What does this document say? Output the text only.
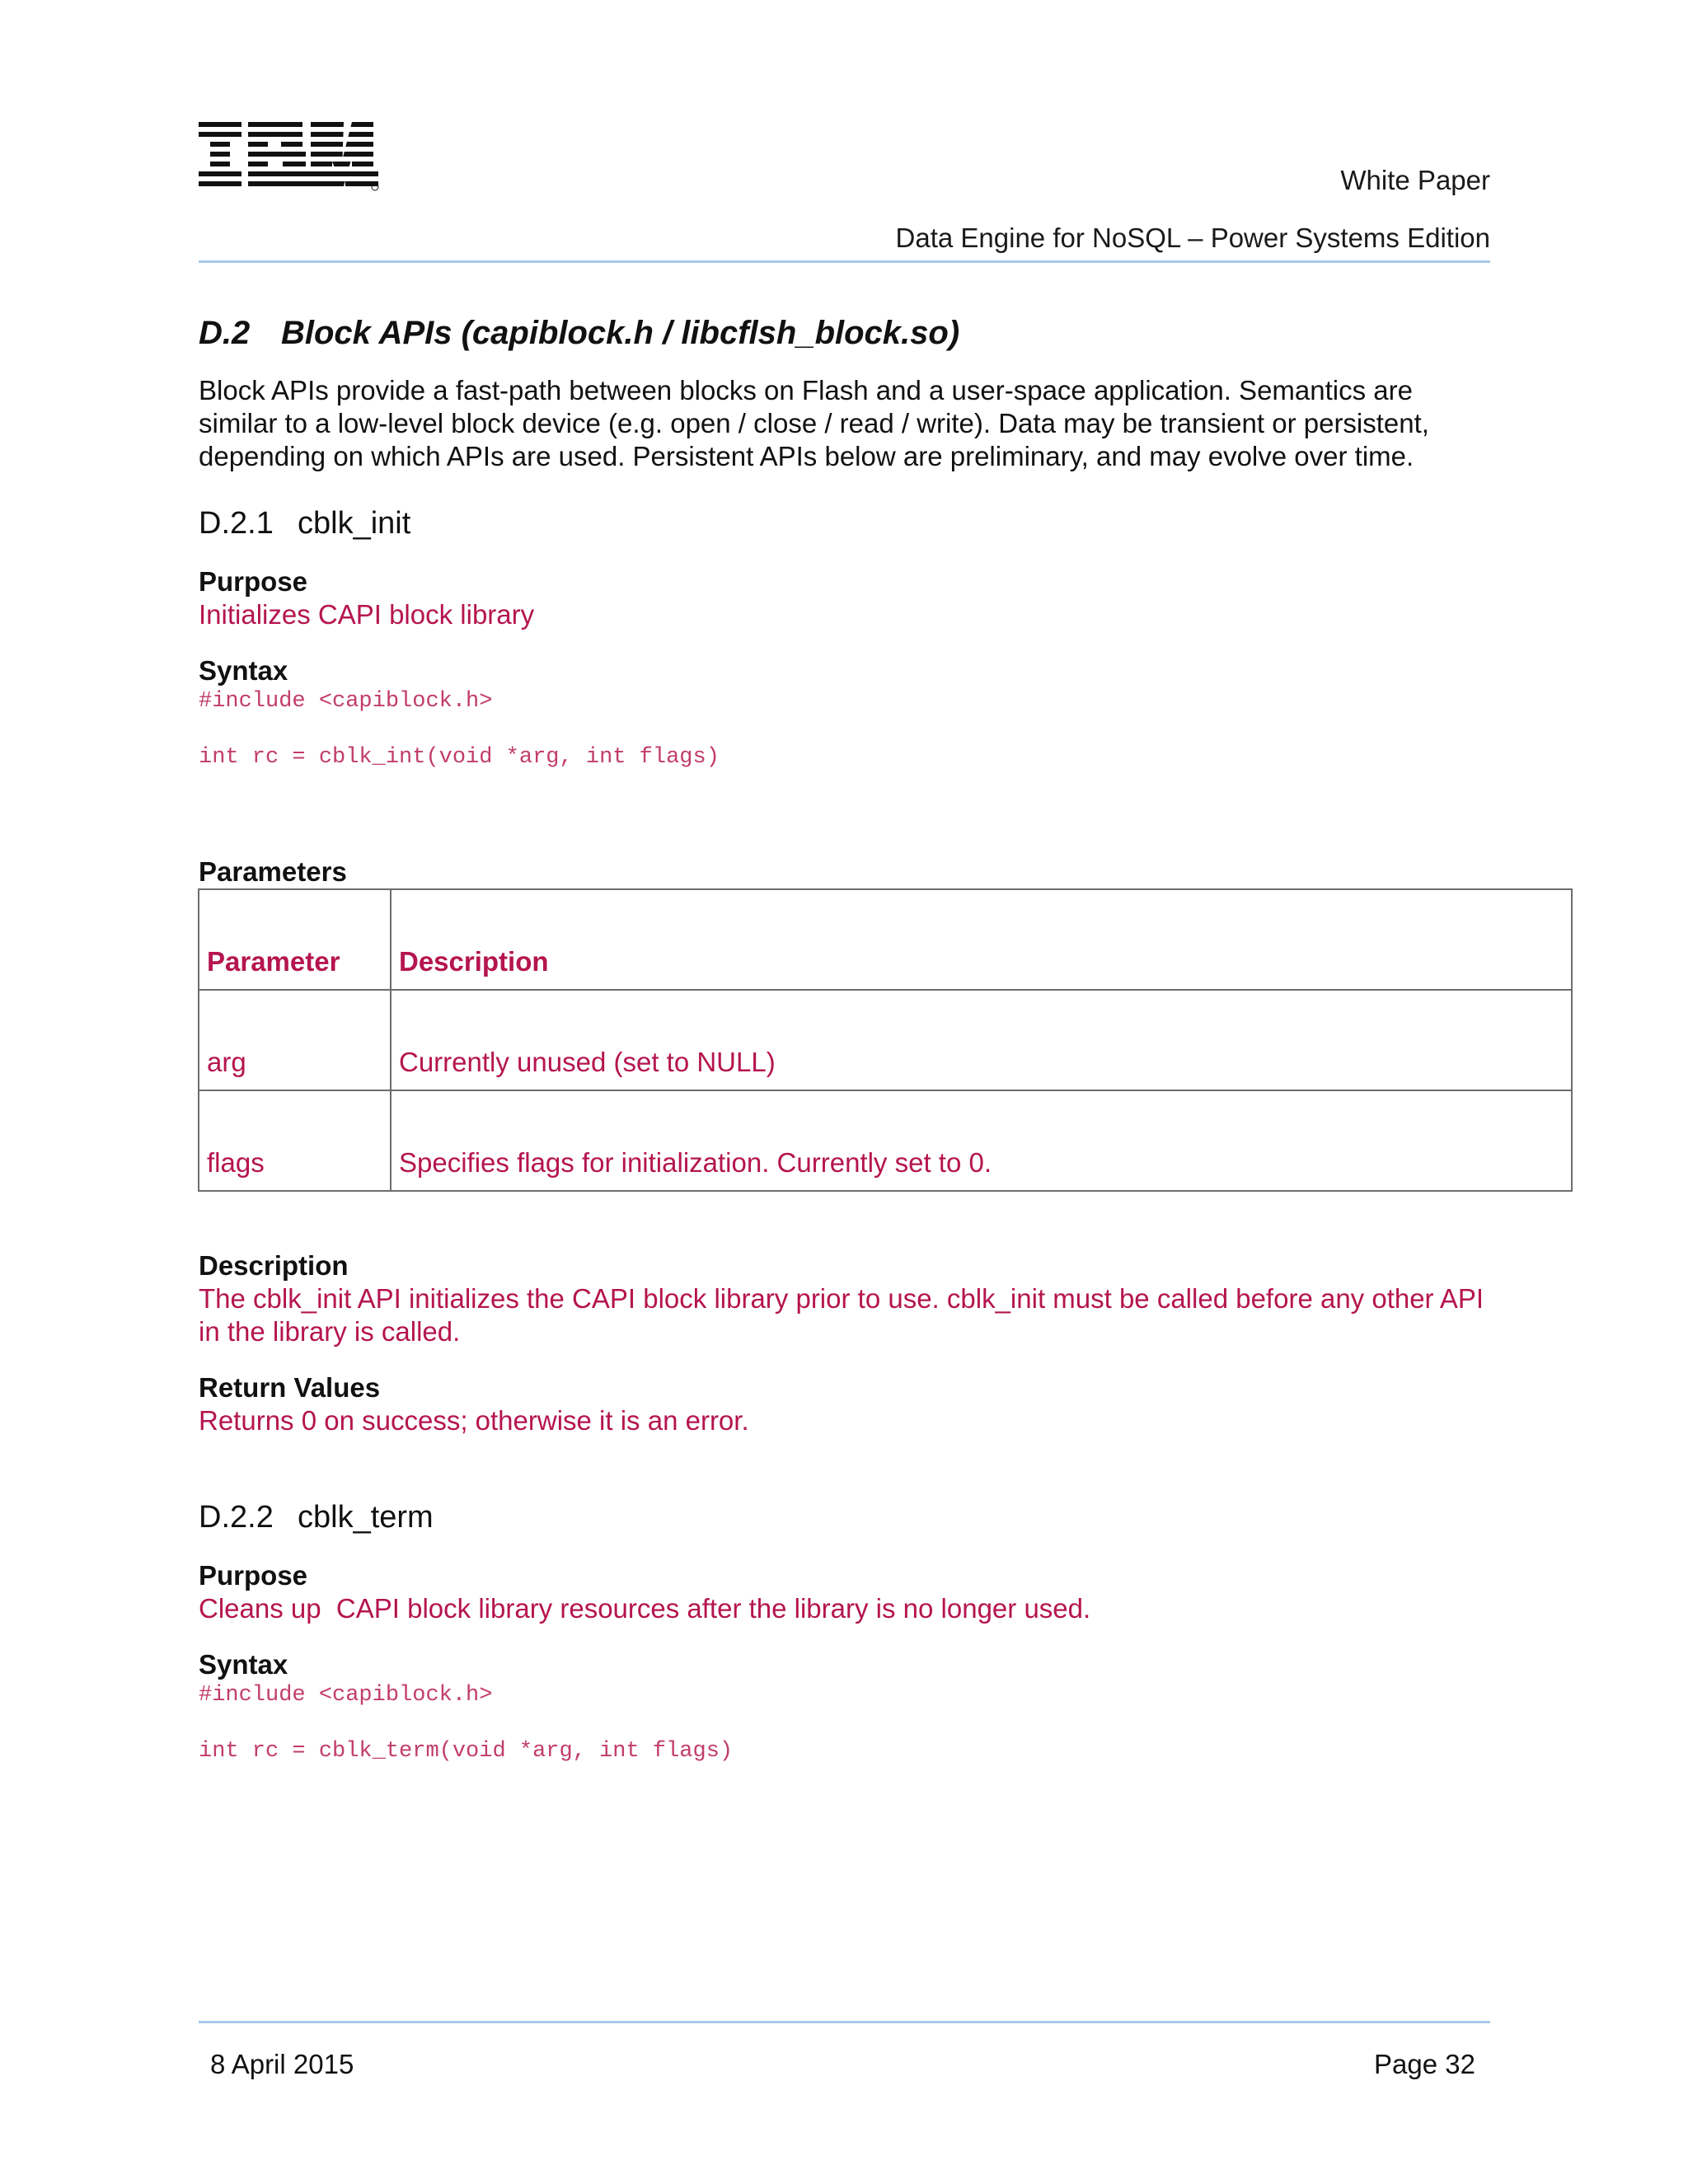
White Paper
Data Engine for NoSQL – Power Systems Edition
D.2 Block APIs (capiblock.h / libcflsh_block.so)

Block APIs provide a fast-path between blocks on Flash and a user-space application. Semantics are similar to a low-level block device (e.g. open / close / read / write). Data may be transient or persistent, depending on which APIs are used. Persistent APIs below are preliminary, and may evolve over time.

D.2.1 cblk_init

Purpose

Initializes CAPI block library

Syntax

#include <capiblock.h>

int rc = cblk_int(void *arg, int flags)

Parameters

Parameter	Description
arg	Currently unused (set to NULL)
flags	Specifies flags for initialization. Currently set to 0.

Description

The cblk_init API initializes the CAPI block library prior to use. cblk_init must be called before any other API in the library is called.

Return Values

Returns 0 on success; otherwise it is an error.

D.2.2 cblk_term

Purpose

Cleans up  CAPI block library resources after the library is no longer used.

Syntax

#include <capiblock.h>

int rc = cblk_term(void *arg, int flags)

8 April 2015	Page 32
